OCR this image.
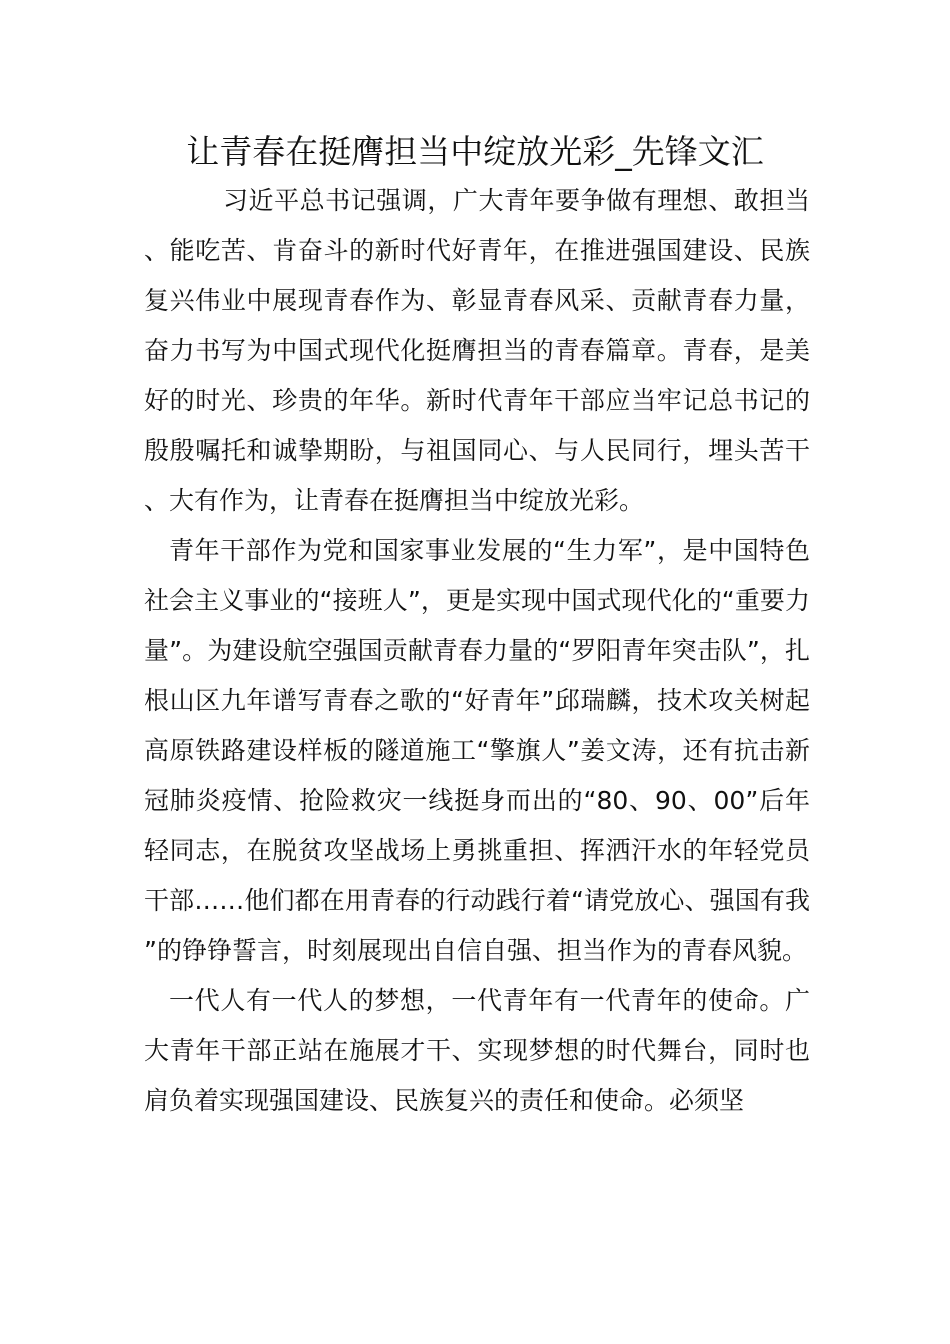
让青春在挺膺担当中绽放光彩_先锋文汇

习近平总书记强调，广大青年要争做有理想、敢担当、能吃苦、肯奋斗的新时代好青年，在推进强国建设、民族复兴伟业中展现青春作为、彰显青春风采、贡献青春力量，奋力书写为中国式现代化挺膺担当的青春篇章。青春，是美好的时光、珍贵的年华。新时代青年干部应当牢记总书记的殷殷嘱托和诚挚期盼，与祖国同心、与人民同行，埋头苦干、大有作为，让青春在挺膺担当中绽放光彩。

青年干部作为党和国家事业发展的“生力军”，是中国特色社会主义事业的“接班人”，更是实现中国式现代化的“重要力量”。为建设航空强国贡献青春力量的“罗阳青年突击队”，扎根山区九年谱写青春之歌的“好青年”邱瑞麟，技术攻关树起高原铁路建设样板的隧道施工“擎旗人”姜文涛，还有抗击新冠肺炎疫情、抢险救灾一线挺身而出的“80、90、00”后年轻同志，在脱贫攻坚战场上勇挑重担、挥洒汗水的年轻党员干部……他们都在用青春的行动践行着“请党放心、强国有我”的铮铮誓言，时刻展现出自信自强、担当作为的青春风貌。

一代人有一代人的梦想，一代青年有一代青年的使命。广大青年干部正站在施展才干、实现梦想的时代舞台，同时也肩负着实现强国建设、民族复兴的责任和使命。必须坚
